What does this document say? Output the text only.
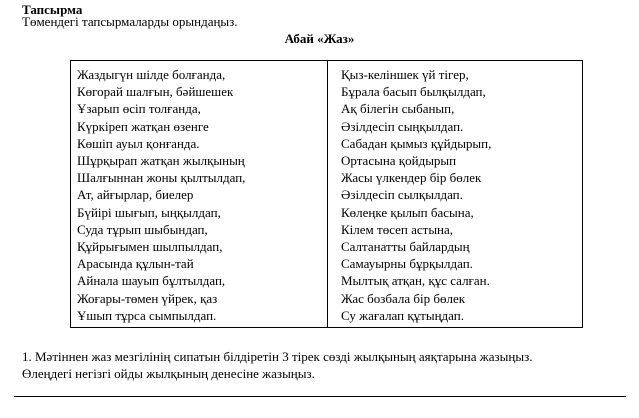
Тапсырма

Төмендегі тапсырмаларды орындаңыз.

Абай «Жаз»

Жаздыгүн шілде болғанда,
Көгорай шалғын, бәйшешек
Ұзарып өсіп толғанда,
Күркіреп жатқан өзенге
Көшіп ауыл қонғанда.
Шұрқырап жатқан жылқының
Шалғыннан жоны қылтылдап,
Ат, айғырлар, биелер
Бүйірі шығып, ыңқылдап,
Суда тұрып шыбындап,
Құйрығымен шылпылдап,
Арасында құлын-тай
Айнала шауып бұлтылдап,
Жоғары-төмен үйрек, қаз
Ұшып тұрса сымпылдап.
Қыз-келіншек үй тігер,
Бұрала басып былқылдап,
Ақ білегін сыбанып,
Әзілдесіп сыңқылдап.
Сабадан қымыз құйдырып,
Ортасына қойдырып
Жасы үлкендер бір бөлек
Әзілдесіп сылқылдап.
Көлеңке қылып басына,
Кілем төсеп астына,
Салтанатты байлардың
Самауырны бұрқылдап.
Мылтық атқан, құс салған.
Жас бозбала бір бөлек
Су жағалап құтыңдап.
1. Мәтіннен жаз мезгілінің сипатын білдіретін 3 тірек сөзді жылқының аяқтарына жазыңыз.
Өлеңдегі негізгі ойды жылқының денесіне жазыңыз.
